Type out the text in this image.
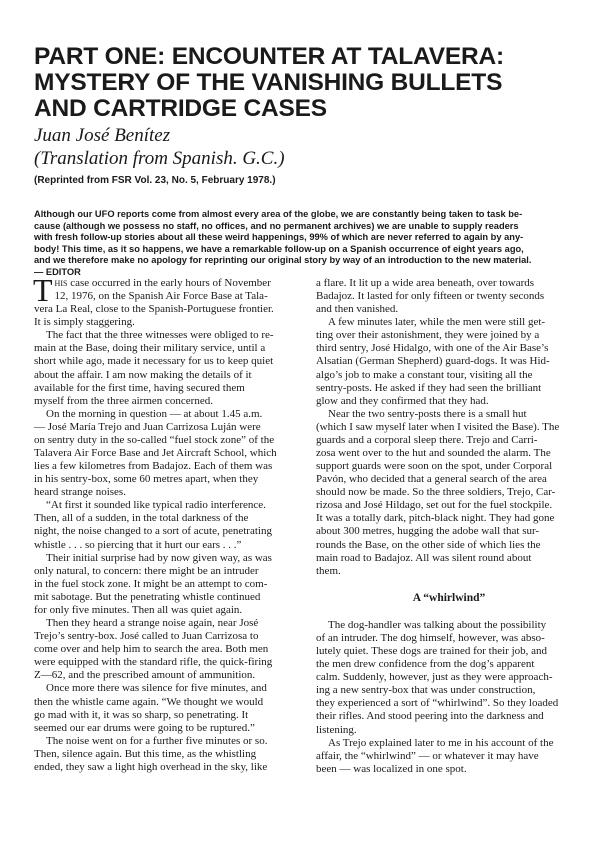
PART ONE: ENCOUNTER AT TALAVERA:
MYSTERY OF THE VANISHING BULLETS
AND CARTRIDGE CASES
Juan José Benítez
(Translation from Spanish. G.C.)
(Reprinted from FSR Vol. 23, No. 5, February 1978.)
Although our UFO reports come from almost every area of the globe, we are constantly being taken to task be-
cause (although we possess no staff, no offices, and no permanent archives) we are unable to supply readers
with fresh follow-up stories about all these weird happenings, 99% of which are never referred to again by any-
body! This time, as it so happens, we have a remarkable follow-up on a Spanish occurrence of eight years ago,
and we therefore make no apology for reprinting our original story by way of an introduction to the new material.
— EDITOR

T his case occurred in the early hours of November
12, 1976, on the Spanish Air Force Base at Tala-
vera La Real, close to the Spanish-Portuguese frontier.
It is simply staggering.

The fact that the three witnesses were obliged to re-
main at the Base, doing their military service, until a
short while ago, made it necessary for us to keep quiet
about the affair. I am now making the details of it
available for the first time, having secured them
myself from the three airmen concerned.

On the morning in question — at about 1.45 a.m.
— José María Trejo and Juan Carrizosa Luján were
on sentry duty in the so-called “fuel stock zone” of the
Talavera Air Force Base and Jet Aircraft School, which
lies a few kilometres from Badajoz. Each of them was
in his sentry-box, some 60 metres apart, when they
heard strange noises.

“At first it sounded like typical radio interference.
Then, all of a sudden, in the total darkness of the
night, the noise changed to a sort of acute, penetrating
whistle . . . so piercing that it hurt our ears . . .”

Their initial surprise had by now given way, as was
only natural, to concern: there might be an intruder
in the fuel stock zone. It might be an attempt to com-
mit sabotage. But the penetrating whistle continued
for only five minutes. Then all was quiet again.

Then they heard a strange noise again, near José
Trejo’s sentry-box. José called to Juan Carrizosa to
come over and help him to search the area. Both men
were equipped with the standard rifle, the quick-firing
Z—62, and the prescribed amount of ammunition.

Once more there was silence for five minutes, and
then the whistle came again. “We thought we would
go mad with it, it was so sharp, so penetrating. It
seemed our ear drums were going to be ruptured.”

The noise went on for a further five minutes or so.
Then, silence again. But this time, as the whistling
ended, they saw a light high overhead in the sky, like

a flare. It lit up a wide area beneath, over towards
Badajoz. It lasted for only fifteen or twenty seconds
and then vanished.

A few minutes later, while the men were still get-
ting over their astonishment, they were joined by a
third sentry, José Hidalgo, with one of the Air Base’s
Alsatian (German Shepherd) guard-dogs. It was Hid-
algo’s job to make a constant tour, visiting all the
sentry-posts. He asked if they had seen the brilliant
glow and they confirmed that they had.

Near the two sentry-posts there is a small hut
(which I saw myself later when I visited the Base). The
guards and a corporal sleep there. Trejo and Carri-
zosa went over to the hut and sounded the alarm. The
support guards were soon on the spot, under Corporal
Pavón, who decided that a general search of the area
should now be made. So the three soldiers, Trejo, Car-
rizosa and José Hildago, set out for the fuel stockpile.
It was a totally dark, pitch-black night. They had gone
about 300 metres, hugging the adobe wall that sur-
rounds the Base, on the other side of which lies the
main road to Badajoz. All was silent round about
them.

A “whirlwind”

The dog-handler was talking about the possibility
of an intruder. The dog himself, however, was abso-
lutely quiet. These dogs are trained for their job, and
the men drew confidence from the dog’s apparent
calm. Suddenly, however, just as they were approach-
ing a new sentry-box that was under construction,
they experienced a sort of “whirlwind”. So they loaded
their rifles. And stood peering into the darkness and
listening.

As Trejo explained later to me in his account of the
affair, the “whirlwind” — or whatever it may have
been — was localized in one spot.
